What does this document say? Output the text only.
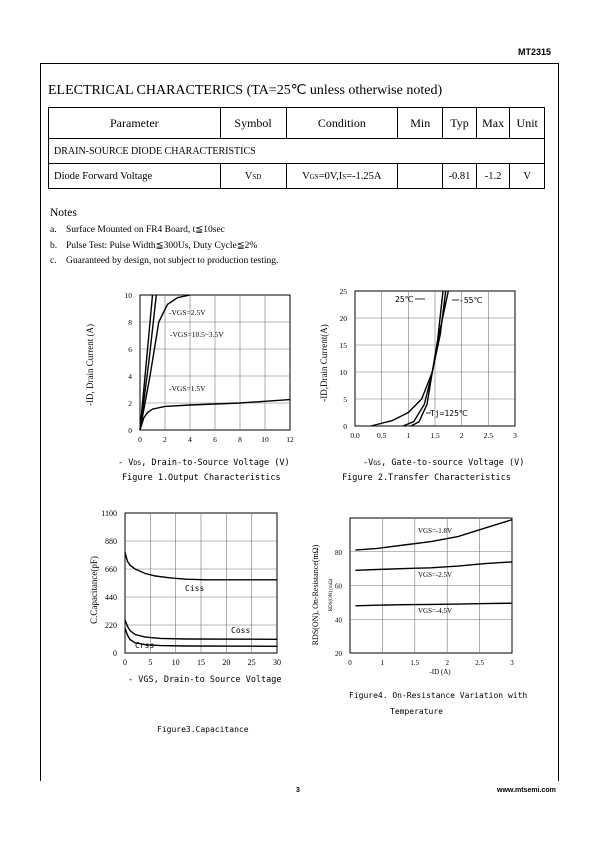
MT2315
ELECTRICAL CHARACTERICS (TA=25℃ unless otherwise noted)
Parameter	Symbol	Condition	Min	Typ	Max	Unit
DRAIN-SOURCE DIODE CHARACTERISTICS						
Diode Forward Voltage	VSD	VGS=0V,IS=-1.25A		-0.81	-1.2	V
Notes
a. Surface Mounted on FR4 Board, t≦10sec
b. Pulse Test: Pulse Width≦300Us, Duty Cycle≦2%
c. Guaranteed by design, not subject to production testing.
0	2	4	6	8	10 12
0
2
4
6
8
10
-VGS=2.5V
-VGS=10.5~3.5V
-VGS=1.5V
-ID, Drain Current (A)
- VDS, Drain-to-Source Voltage (V)
Figure 1.Output Characteristics
0.0 0.5	1	1.5	2	2.5	3
0
5
10
15
20
25
25℃	-55℃
Tj=125℃
-ID,Drain Current(A)
-VGS, Gate-to-source Voltage (V)
Figure 2.Transfer Characteristics
0	5 10 15 20 25 30
0
220
440
660
880
1100
Ciss
Coss
Crss
C.Capacitance(pF)
- VGS, Drain-to Source Voltage
Figure3.Capacitance
0	1	1.5	2	2.5	3
20
40
60
80
VGS=-1.8V
VGS=-2.5V
VGS=-4.5V
RDS(ON), On-Resistance(mΩ) RDS(ON) (mΩ)
-ID (A)
Figure4. On-Resistance Variation with
Temperature
3	www.mtsemi.com
